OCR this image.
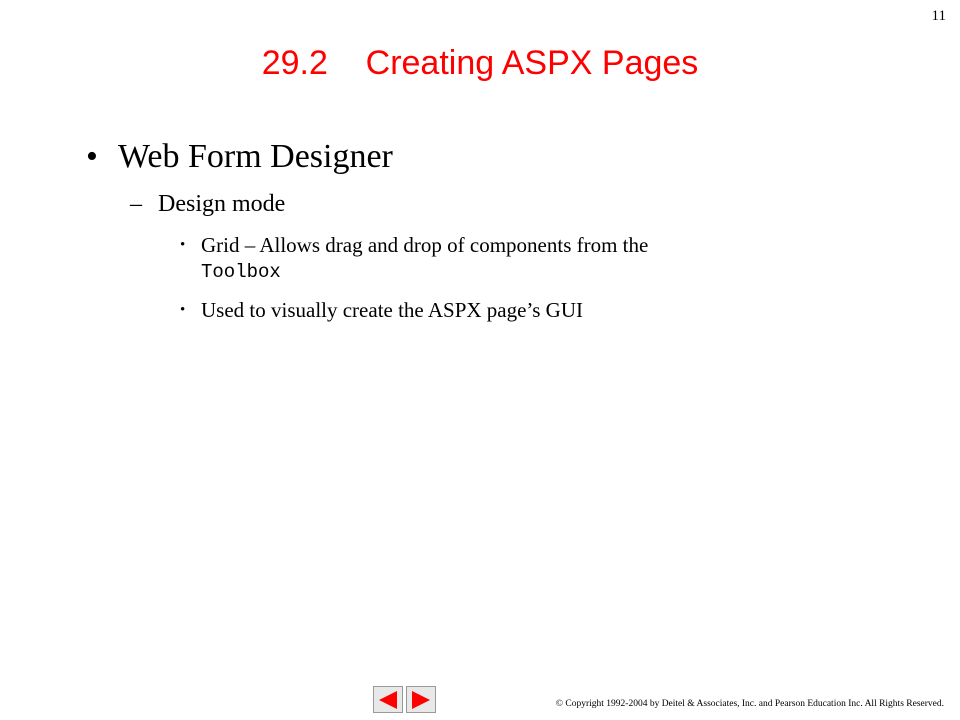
11
29.2    Creating ASPX Pages
• Web Form Designer
– Design mode
• Grid – Allows drag and drop of components from the
Toolbox
• Used to visually create the ASPX page’s GUI
© Copyright 1992-2004 by Deitel & Associates, Inc. and Pearson Education Inc. All Rights Reserved.
